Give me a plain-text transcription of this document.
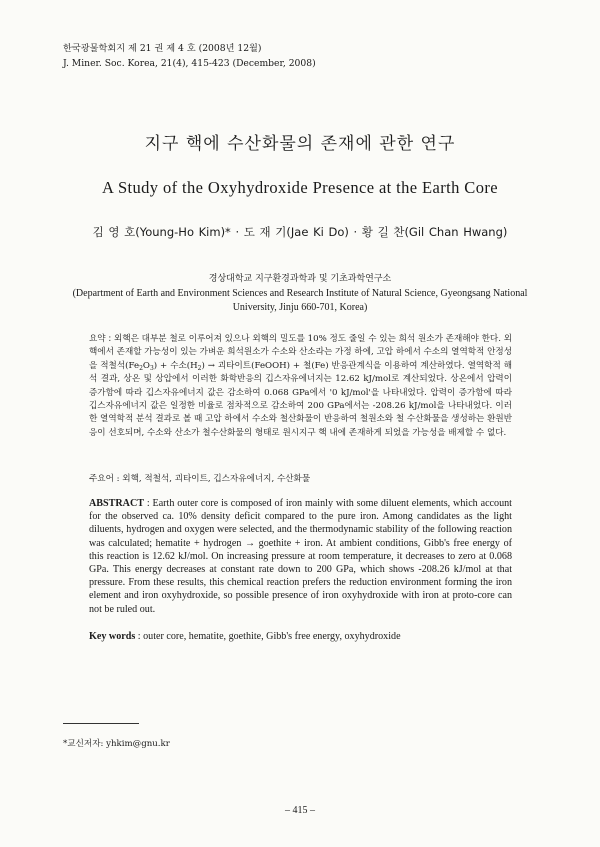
한국광물학회지 제 21 권 제 4 호 (2008년 12월)
J. Miner. Soc. Korea, 21(4), 415-423 (December, 2008)
지구 핵에 수산화물의 존재에 관한 연구
A Study of the Oxyhydroxide Presence at the Earth Core
김 영 호(Young-Ho Kim)* · 도 재 기(Jae Ki Do) · 황 길 찬(Gil Chan Hwang)
경상대학교 지구환경과학과 및 기초과학연구소
(Department of Earth and Environment Sciences and Research Institute of Natural Science, Gyeongsang National University, Jinju 660-701, Korea)
요약 : 외핵은 대부분 철로 이루어져 있으나 외핵의 밀도를 10% 정도 줄일 수 있는 희석 원소가 존재해야 한다. 외핵에서 존재할 가능성이 있는 가벼운 희석원소가 수소와 산소라는 가정 하에, 고압 하에서 수소의 열역학적 안정성을 적철석$(Fe_2O_3)$ + 수소$(H_2)$ → 괴타이트(FeOOH) + 철(Fe) 반응관계식을 이용하여 계산하였다. 열역학적 해석 결과, 상온 및 상압에서 이러한 화학반응의 깁스자유에너지는 12.62 kJ/mol로 계산되었다. 상온에서 압력이 증가함에 따라 깁스자유에너지 값은 감소하여 0.068 GPa에서 '0 kJ/mol'을 나타내었다. 압력이 증가함에 따라 깁스자유에너지 값은 일정한 비율로 점차적으로 감소하여 200 GPa에서는 -208.26 kJ/mol을 나타내었다. 이러한 열역학적 분석 결과로 볼 때 고압 하에서 수소와 철산화물이 반응하여 철원소와 철 수산화물을 생성하는 환원반응이 선호되며, 수소와 산소가 철수산화물의 형태로 원시지구 핵 내에 존재하게 되었을 가능성을 배제할 수 없다.
주요어 : 외핵, 적철석, 괴타이트, 깁스자유에너지, 수산화물
ABSTRACT : Earth outer core is composed of iron mainly with some diluent elements, which account for the observed ca. 10% density deficit compared to the pure iron. Among candidates as the light diluents, hydrogen and oxygen were selected, and the thermodynamic stability of the following reaction was calculated; hematite + hydrogen → goethite + iron. At ambient conditions, Gibb's free energy of this reaction is 12.62 kJ/mol. On increasing pressure at room temperature, it decreases to zero at 0.068 GPa. This energy decreases at constant rate down to 200 GPa, which shows -208.26 kJ/mol at that pressure. From these results, this chemical reaction prefers the reduction environment forming the iron element and iron oxyhydroxide, so possible presence of iron oxyhydroxide with iron at proto-core can not be ruled out.
Key words : outer core, hematite, goethite, Gibb's free energy, oxyhydroxide
*교신저자: yhkim@gnu.kr
– 415 –
